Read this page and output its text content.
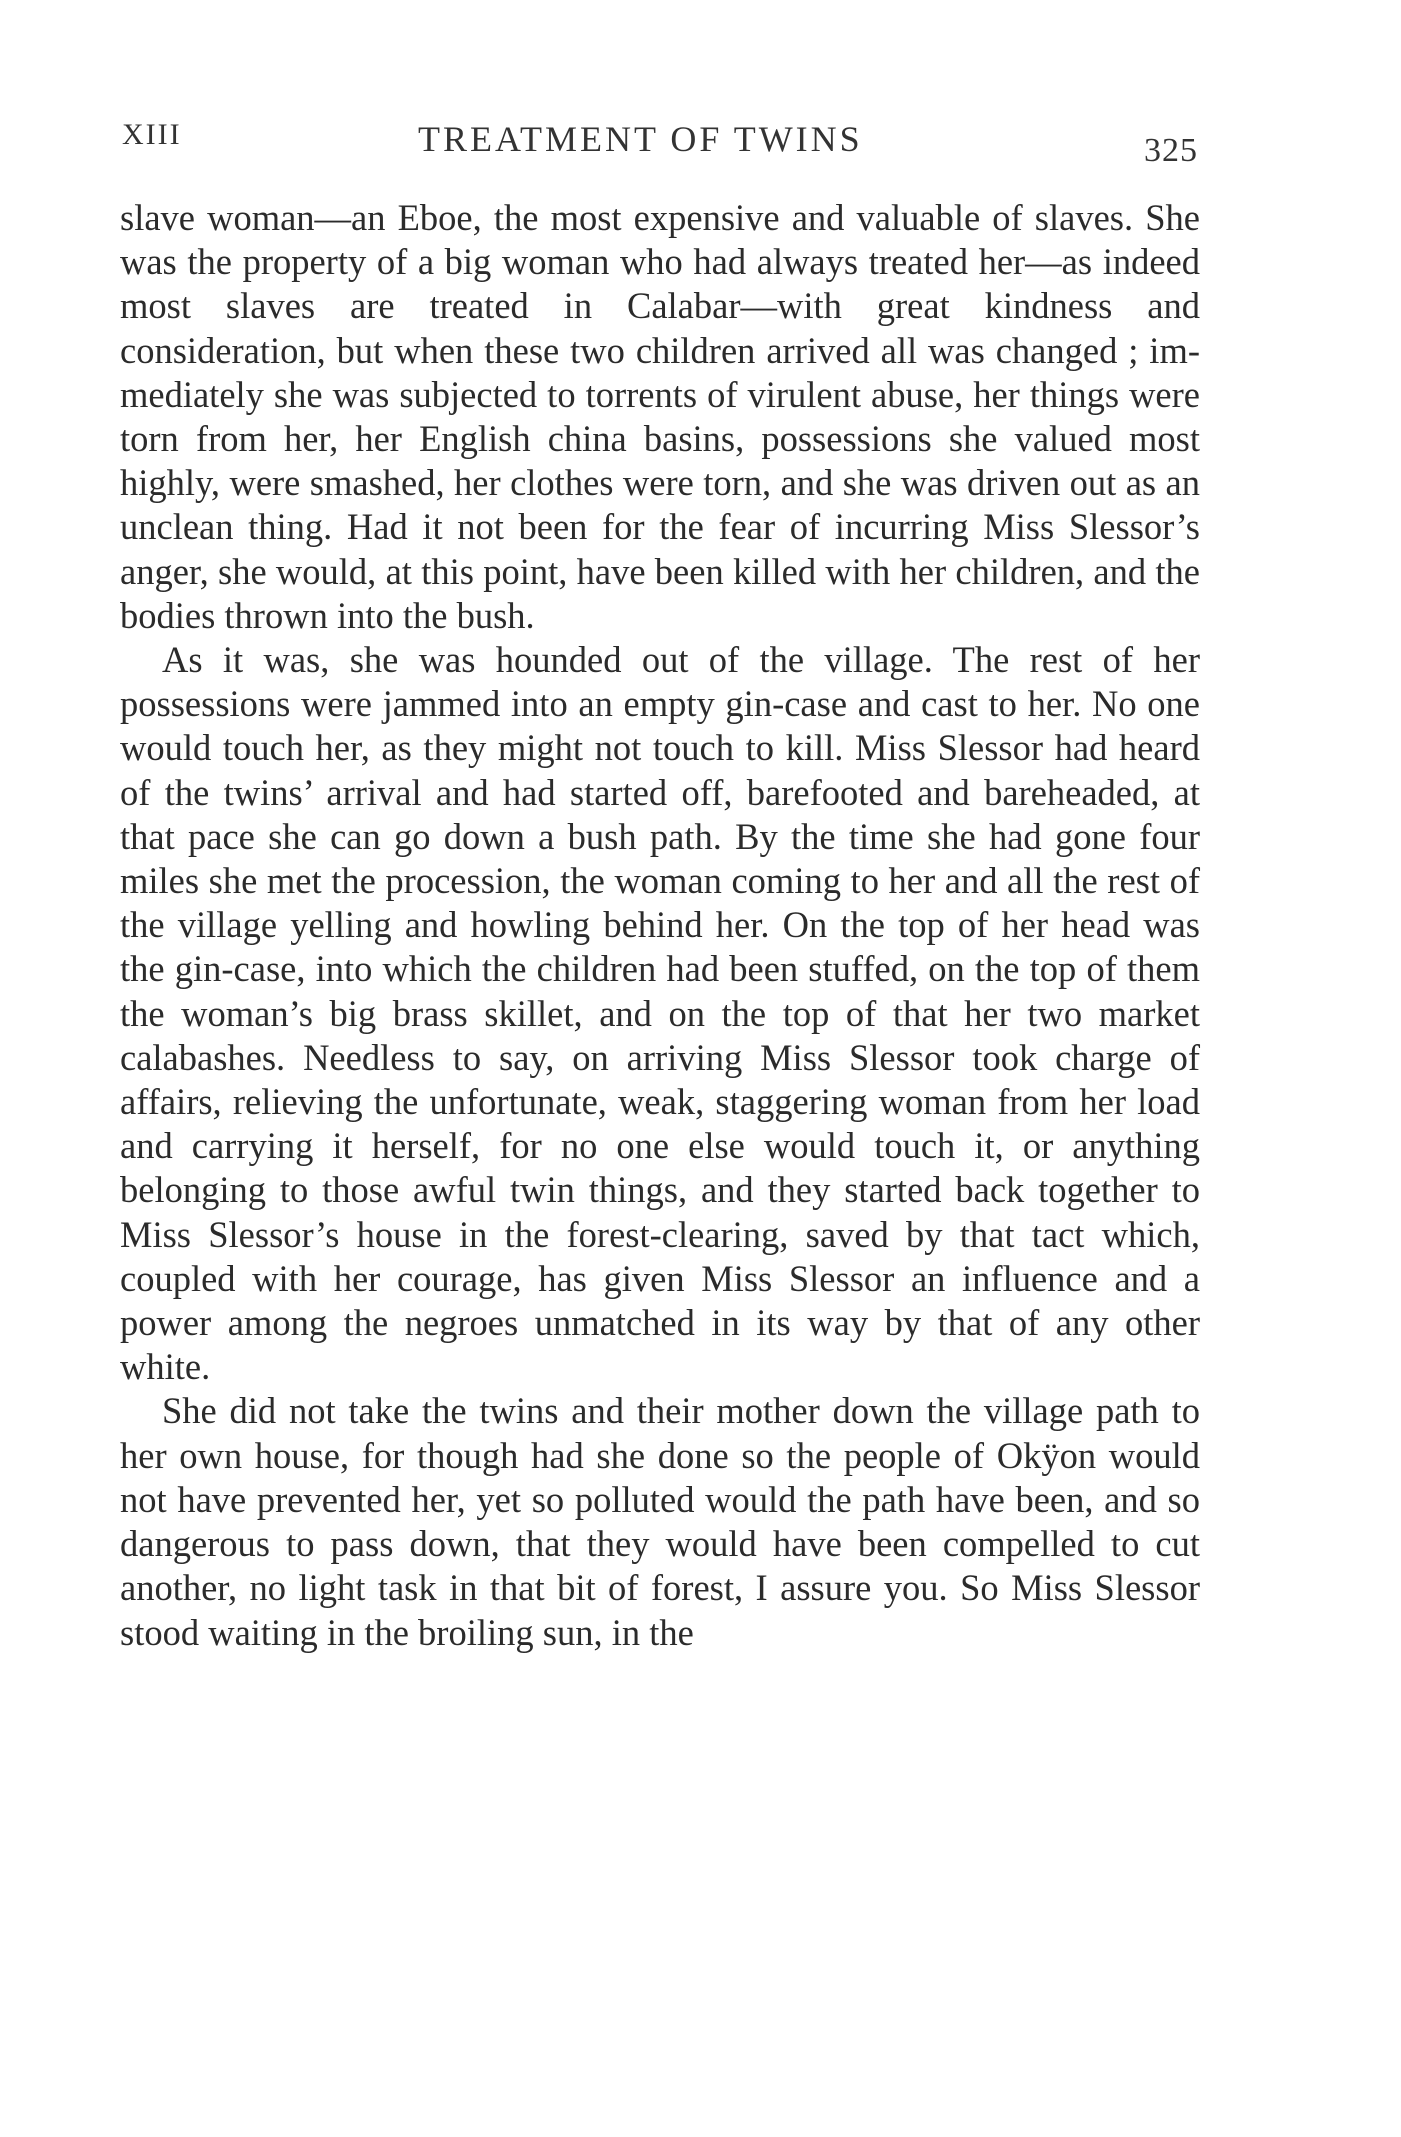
XIII	TREATMENT OF TWINS	325

slave woman—an Eboe, the most expensive and valuable of slaves. She was the property of a big woman who had always treated her—as indeed most slaves are treated in Calabar—with great kindness and consideration, but when these two children arrived all was changed ; immediately she was subjected to torrents of virulent abuse, her things were torn from her, her English china basins, possessions she valued most highly, were smashed, her clothes were torn, and she was driven out as an unclean thing. Had it not been for the fear of incurring Miss Slessor’s anger, she would, at this point, have been killed with her children, and the bodies thrown into the bush.

As it was, she was hounded out of the village. The rest of her possessions were jammed into an empty gin-case and cast to her. No one would touch her, as they might not touch to kill. Miss Slessor had heard of the twins’ arrival and had started off, barefooted and bareheaded, at that pace she can go down a bush path. By the time she had gone four miles she met the procession, the woman coming to her and all the rest of the village yelling and howling behind her. On the top of her head was the gin-case, into which the children had been stuffed, on the top of them the woman’s big brass skillet, and on the top of that her two market calabashes. Needless to say, on arriving Miss Slessor took charge of affairs, relieving the unfortunate, weak, staggering woman from her load and carrying it herself, for no one else would touch it, or anything belonging to those awful twin things, and they started back together to Miss Slessor’s house in the forest-clearing, saved by that tact which, coupled with her courage, has given Miss Slessor an influence and a power among the negroes unmatched in its way by that of any other white.

She did not take the twins and their mother down the village path to her own house, for though had she done so the people of Okÿon would not have prevented her, yet so polluted would the path have been, and so dangerous to pass down, that they would have been compelled to cut another, no light task in that bit of forest, I assure you. So Miss Slessor stood waiting in the broiling sun, in the
